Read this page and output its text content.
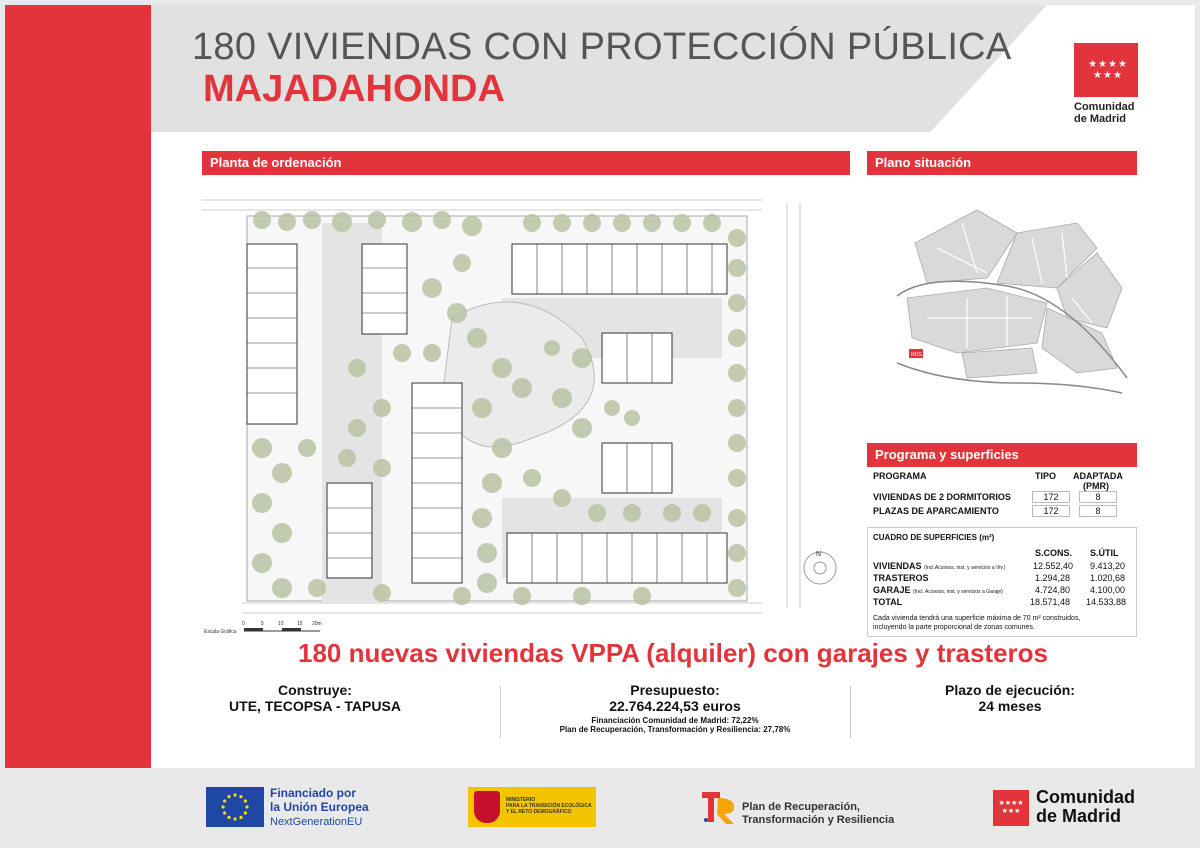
180 VIVIENDAS CON PROTECCIÓN PÚBLICA
MAJADAHONDA
★★★★
★★★
Comunidad
de Madrid
Planta de ordenación	Plano situación
Programa y superficies
N
0	5	10	15 20m
Escala Gráfica
NOS
PROGRAMA	TIPO ADAPTADA
(PMR)
VIVIENDAS DE 2 DORMITORIOS	172	8
PLAZAS DE APARCAMIENTO	172	8
CUADRO DE SUPERFICIES (m²)
S.CONS. S.ÚTIL
VIVIENDAS (Incl.Accesos, inst. y servicios a Viv.)	12.552,40 9.413,20
TRASTEROS	1.294,28 1.020,68
GARAJE (Incl. Accesos, inst. y servicios a Garaje)	4.724,80 4.100,00
TOTAL	18.571,48 14.533,88
Cada vivienda tendrá una superficie máxima de 70 m² construidos,
incluyendo la parte proporcional de zonas comunes.
180 nuevas viviendas VPPA (alquiler) con garajes y trasteros
Construye:
UTE, TECOPSA - TAPUSA
Presupuesto:
22.764.224,53 euros
Financiación Comunidad de Madrid: 72,22%
Plan de Recuperación, Transformación y Resiliencia: 27,78%
Plazo de ejecución:
24 meses
Financiado por
la Unión Europea
NextGenerationEU
MINISTERIO
PARA LA TRANSICIÓN ECOLÓGICA
Y EL RETO DEMOGRÁFICO	Plan de Recuperación,
Transformación y Resiliencia
★★★★
★★★
Comunidad
de Madrid
